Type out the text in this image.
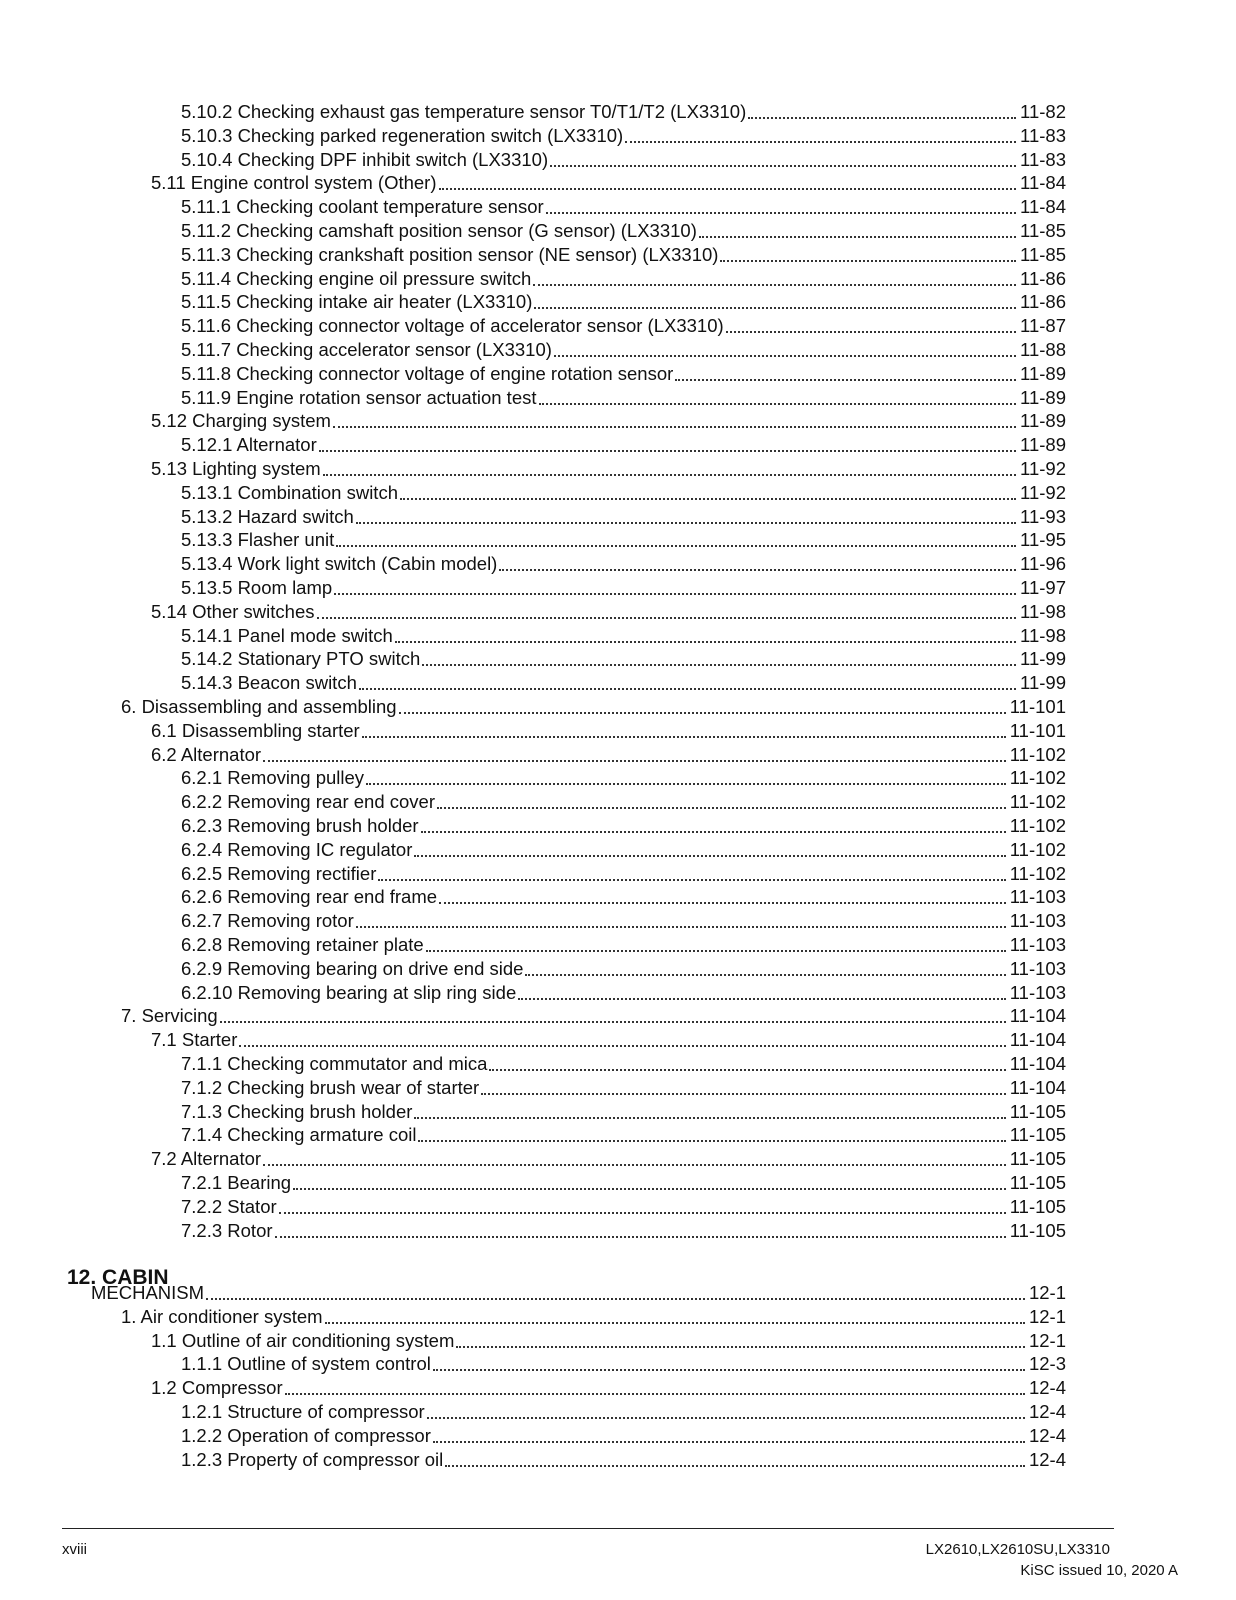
5.10.2 Checking exhaust gas temperature sensor T0/T1/T2 (LX3310)	11-82
5.10.3 Checking parked regeneration switch (LX3310)	11-83
5.10.4 Checking DPF inhibit switch (LX3310)	11-83
5.11 Engine control system (Other)	11-84
5.11.1 Checking coolant temperature sensor	11-84
5.11.2 Checking camshaft position sensor (G sensor) (LX3310)	11-85
5.11.3 Checking crankshaft position sensor (NE sensor) (LX3310)	11-85
5.11.4 Checking engine oil pressure switch	11-86
5.11.5 Checking intake air heater (LX3310)	11-86
5.11.6 Checking connector voltage of accelerator sensor (LX3310)	11-87
5.11.7 Checking accelerator sensor (LX3310)	11-88
5.11.8 Checking connector voltage of engine rotation sensor	11-89
5.11.9 Engine rotation sensor actuation test	11-89
5.12 Charging system	11-89
5.12.1 Alternator	11-89
5.13 Lighting system	11-92
5.13.1 Combination switch	11-92
5.13.2 Hazard switch	11-93
5.13.3 Flasher unit	11-95
5.13.4 Work light switch (Cabin model)	11-96
5.13.5 Room lamp	11-97
5.14 Other switches	11-98
5.14.1 Panel mode switch	11-98
5.14.2 Stationary PTO switch	11-99
5.14.3 Beacon switch	11-99
6. Disassembling and assembling	11-101
6.1 Disassembling starter	11-101
6.2 Alternator	11-102
6.2.1 Removing pulley	11-102
6.2.2 Removing rear end cover	11-102
6.2.3 Removing brush holder	11-102
6.2.4 Removing IC regulator	11-102
6.2.5 Removing rectifier	11-102
6.2.6 Removing rear end frame	11-103
6.2.7 Removing rotor	11-103
6.2.8 Removing retainer plate	11-103
6.2.9 Removing bearing on drive end side	11-103
6.2.10 Removing bearing at slip ring side	11-103
7. Servicing	11-104
7.1 Starter	11-104
7.1.1 Checking commutator and mica	11-104
7.1.2 Checking brush wear of starter	11-104
7.1.3 Checking brush holder	11-105
7.1.4 Checking armature coil	11-105
7.2 Alternator	11-105
7.2.1 Bearing	11-105
7.2.2 Stator	11-105
7.2.3 Rotor	11-105
12. CABIN
MECHANISM	12-1
1. Air conditioner system	12-1
1.1 Outline of air conditioning system	12-1
1.1.1 Outline of system control	12-3
1.2 Compressor	12-4
1.2.1 Structure of compressor	12-4
1.2.2 Operation of compressor	12-4
1.2.3 Property of compressor oil	12-4
xviii	LX2610,LX2610SU,LX3310
KiSC issued 10, 2020 A
